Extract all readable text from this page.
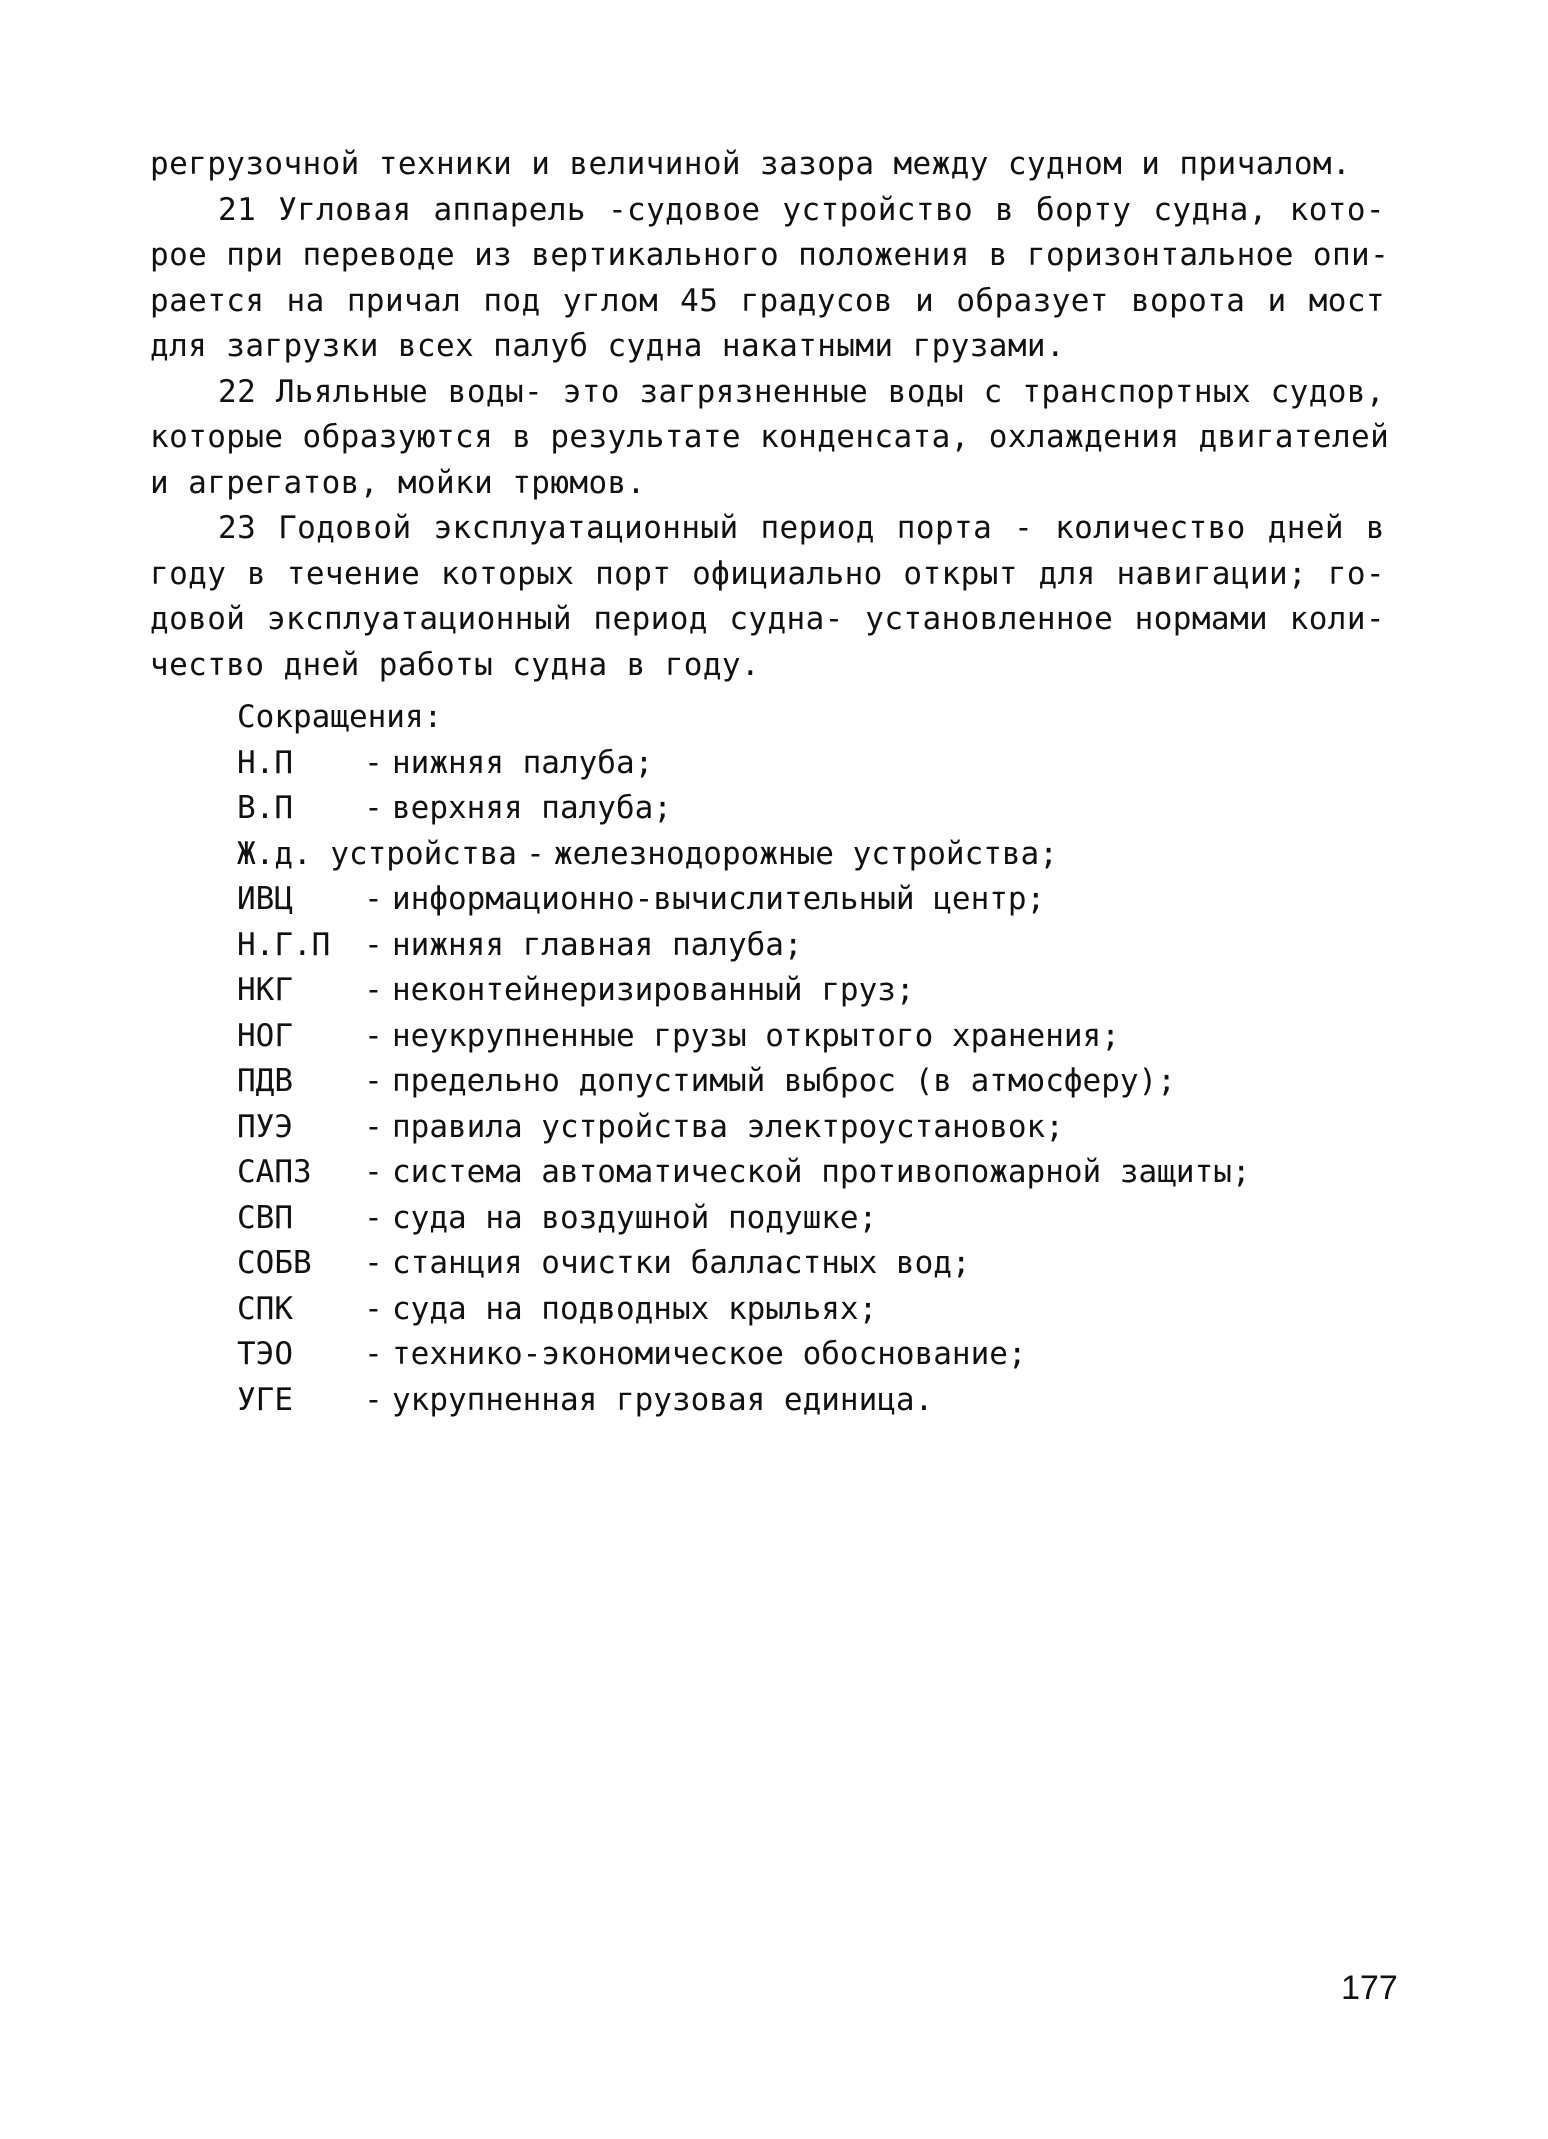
регрузочной техники и величиной зазора между судном и причалом.
21 Угловая аппарель -судовое устройство в борту судна, кото-
рое при переводе из вертикального положения в горизонтальное опи-
рается на причал под углом 45 градусов и образует ворота и мост
для загрузки всех палуб судна накатными грузами.
22 Льяльные воды- это загрязненные воды с транспортных судов,
которые образуются в результате конденсата, охлаждения двигателей
и агрегатов, мойки трюмов.
23 Годовой эксплуатационный период порта - количество дней в
году в течение которых порт официально открыт для навигации; го-
довой эксплуатационный период судна- установленное нормами коли-
чество дней работы судна в году.
Сокращения:
Н.П - нижняя палуба;
В.П - верхняя палуба;
Ж.д. устройства - железнодорожные устройства;
ИВЦ - информационно-вычислительный центр;
Н.Г.П - нижняя главная палуба;
НКГ - неконтейнеризированный груз;
НОГ - неукрупненные грузы открытого хранения;
ПДВ - предельно допустимый выброс (в атмосферу);
ПУЭ - правила устройства электроустановок;
САПЗ - система автоматической противопожарной защиты;
СВП - суда на воздушной подушке;
СОБВ - станция очистки балластных вод;
СПК - суда на подводных крыльях;
ТЭО - технико-экономическое обоснование;
УГЕ - укрупненная грузовая единица.
177
